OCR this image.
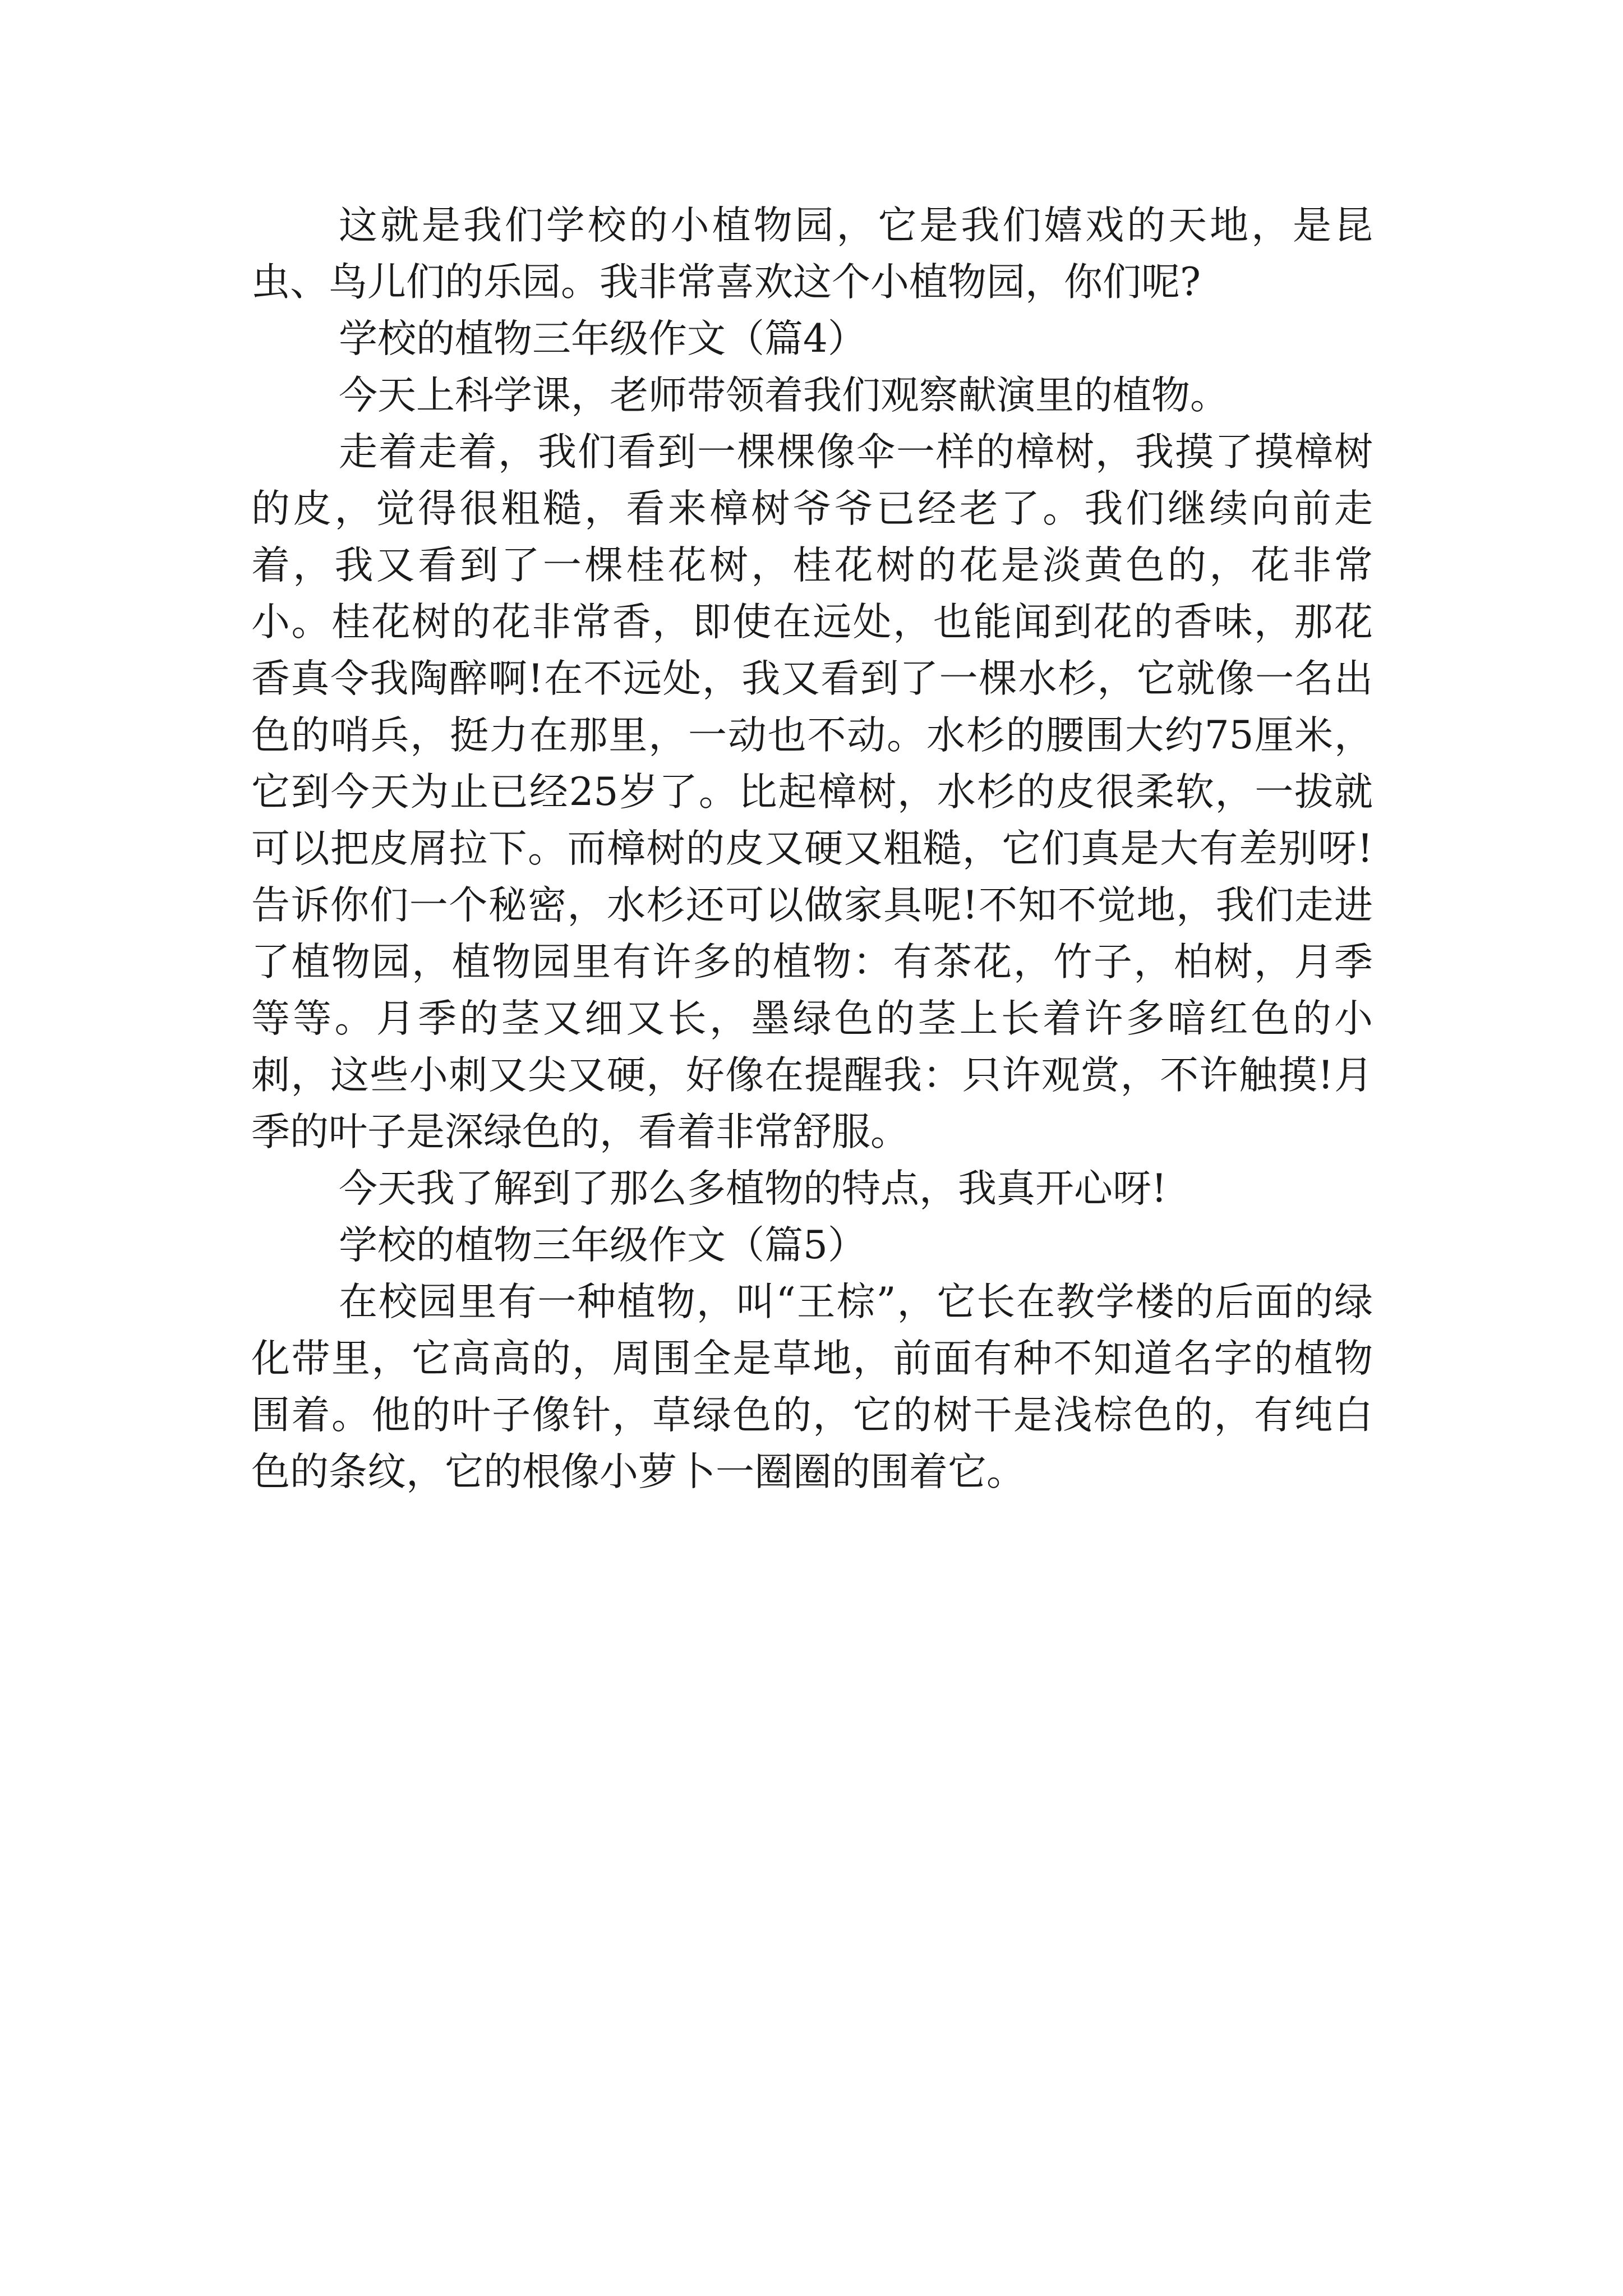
这就是我们学校的小植物园，它是我们嬉戏的天地，是昆虫、鸟儿们的乐园。我非常喜欢这个小植物园，你们呢?

学校的植物三年级作文（篇4）

今天上科学课，老师带领着我们观察献演里的植物。

走着走着，我们看到一棵棵像伞一样的樟树，我摸了摸樟树的皮，觉得很粗糙，看来樟树爷爷已经老了。我们继续向前走着，我又看到了一棵桂花树，桂花树的花是淡黄色的，花非常小。桂花树的花非常香，即使在远处，也能闻到花的香味，那花香真令我陶醉啊!在不远处，我又看到了一棵水杉，它就像一名出色的哨兵，挺力在那里，一动也不动。水杉的腰围大约75厘米，它到今天为止已经25岁了。比起樟树，水杉的皮很柔软，一拔就可以把皮屑拉下。而樟树的皮又硬又粗糙，它们真是大有差别呀!告诉你们一个秘密，水杉还可以做家具呢!不知不觉地，我们走进了植物园，植物园里有许多的植物：有茶花，竹子，柏树，月季等等。月季的茎又细又长，墨绿色的茎上长着许多暗红色的小刺，这些小刺又尖又硬，好像在提醒我：只许观赏，不许触摸!月季的叶子是深绿色的，看着非常舒服。

今天我了解到了那么多植物的特点，我真开心呀!

学校的植物三年级作文（篇5）

在校园里有一种植物，叫“王棕”，它长在教学楼的后面的绿化带里，它高高的，周围全是草地，前面有种不知道名字的植物围着。他的叶子像针，草绿色的，它的树干是浅棕色的，有纯白色的条纹，它的根像小萝卜一圈圈的围着它。
